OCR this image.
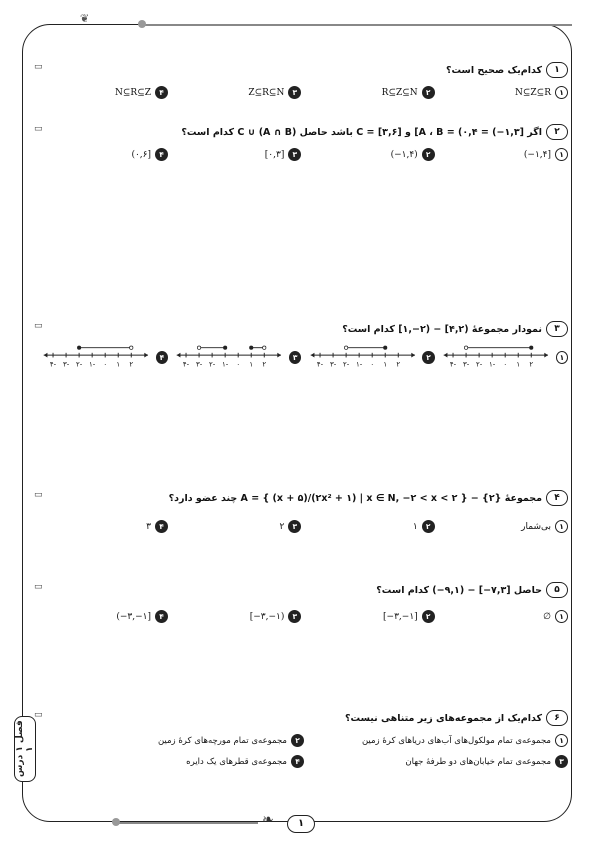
❦
فصل ۱ درس ۱
❧	۱
▭	۱
کدام‌یک صحیح است؟
۱
N⊆Z⊆R
۲
R⊆Z⊆N
۳
Z⊆R⊆N
۴
N⊆R⊆Z
▭	۲
اگر [۱,۳−) = A ، B = (۰,۴] و C = [۳,۶] باشد حاصل (A ∩ B) ∪ C کدام است؟
۱
(−۱,۴]
۲
(−۱,۴)
۳
[۰,۳]
۴
(۰,۶]
▭	۳
نمودار مجموعهٔ (۴,۲] − (۲−,۱] کدام است؟
۱
-۴ -۳ -۲ -۱ ۰ ۱ ۲
۲
-۴ -۳ -۲ -۱ ۰ ۱ ۲
۳
-۴ -۳ -۲ -۱ ۰ ۱ ۲
۴
-۴ -۳ -۲ -۱ ۰ ۱ ۲
▭	۴
مجموعهٔ {۲} − A = { (x + ۵)/(۲x² + ۱) | x ∈ N, −۲ < x < ۲ } چند عضو دارد؟
۱
بی‌شمار
۲
۱
۳
۲
۴
۳
▭	۵
حاصل [۷,۳−] − (۹,۱−) کدام است؟
۱
∅
۲
[−۳,−۱]
۳
[−۳,−۱)
۴
(−۳,−۱]
▭	۶
کدام‌یک از مجموعه‌های زیر متناهی نیست؟
۱
مجموعه‌ی تمام مولکول‌های آب‌های دریاهای کرهٔ زمین
۲
مجموعه‌ی تمام مورچه‌های کرهٔ زمین
۳
مجموعه‌ی تمام خیابان‌های دو طرفهٔ جهان
۴
مجموعه‌ی قطرهای یک دایره
